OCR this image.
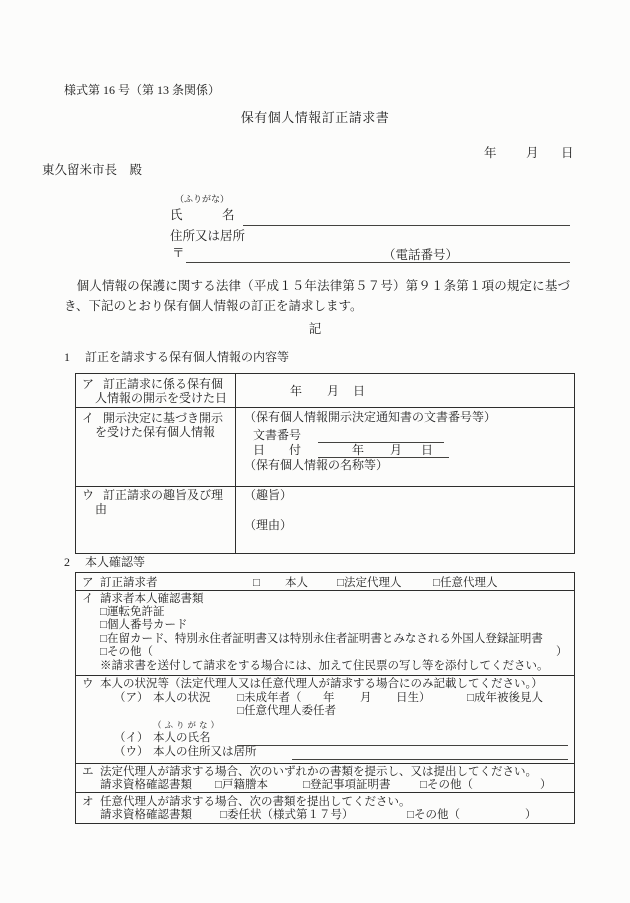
様式第 16 号（第 13 条関係）
保有個人情報訂正請求書
年 月 日
東久留米市長　殿
（ふりがな）
氏	名
住所又は居所
〒	（電話番号）
　個人情報の保護に関する法律（平成１５年法律第５７号）第９１条第１項の規定に基づき、下記のとおり保有個人情報の訂正を請求します。
記
1 訂正を請求する保有個人情報の内容等
ア 訂正請求に係る保有個
人情報の開示を受けた日	年 月 日
イ 開示決定に基づき開示
を受けた保有個人情報
（保有個人情報開示決定通知書の文書番号等）
文書番号
日　　付	年 月 日
（保有個人情報の名称等）
ウ 訂正請求の趣旨及び理
由
（趣旨）
（理由）
2 本人確認等
ア 訂正請求者	□ 本人	□法定代理人	□任意代理人
イ 請求者本人確認書類
□運転免許証
□個人番号カード
□在留カード、特別永住者証明書又は特別永住者証明書とみなされる外国人登録証明書
□その他（	）
※請求書を送付して請求をする場合には、加えて住民票の写し等を添付してください。
ウ 本人の状況等（法定代理人又は任意代理人が請求する場合にのみ記載してください。）
（ア） 本人の状況 □未成年者（ 年 月 日生）	□成年被後見人
□任意代理人委任者
（ふりがな）
（イ） 本人の氏名
（ウ） 本人の住所又は居所
エ 法定代理人が請求する場合、次のいずれかの書類を提示し、又は提出してください。
請求資格確認書類 □戸籍謄本	□登記事項証明書	□その他（	）
オ 任意代理人が請求する場合、次の書類を提出してください。
請求資格確認書類 □委任状（様式第１７号）	□その他（	）
